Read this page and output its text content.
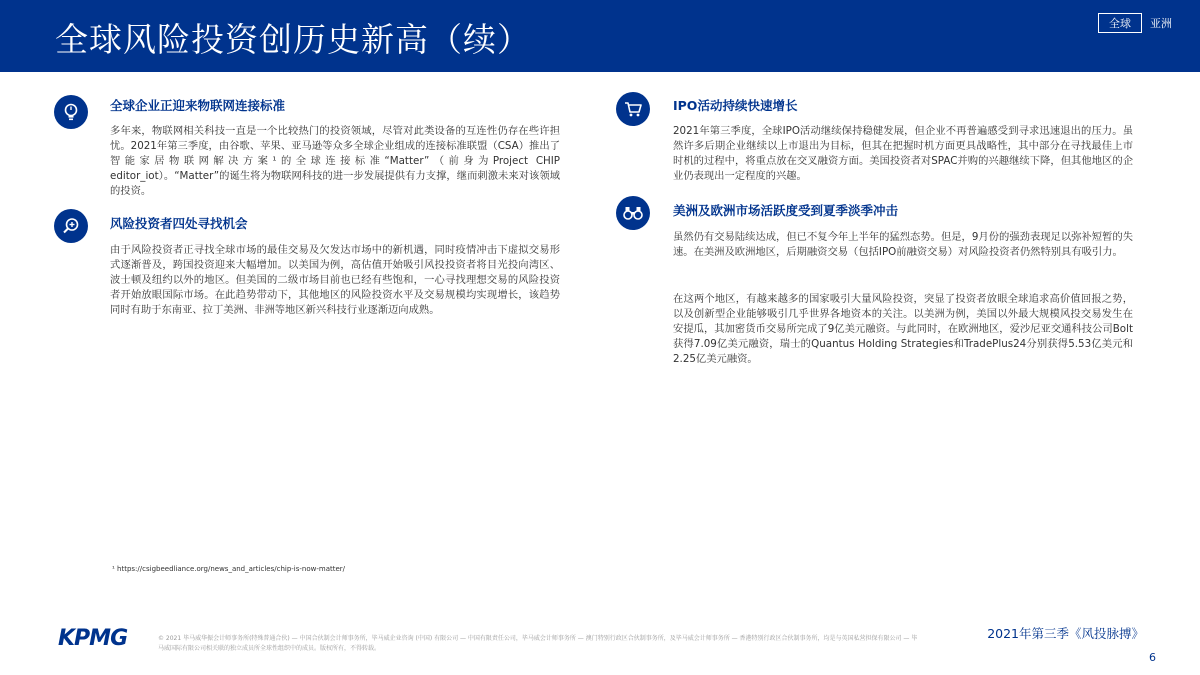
全球风险投资创历史新高（续）	全球	亚洲
全球企业正迎来物联网连接标准
多年来，物联网相关科技一直是一个比较热门的投资领域，尽管对此类设备的互连性仍存在些许担忧。2021年第三季度，由谷歌、苹果、亚马逊等众多全球企业组成的连接标准联盟（CSA）推出了智能家居物联网解决方案¹的全球连接标准“Matter”（前身为Project CHIP editor_iot）。“Matter”的诞生将为物联网科技的进一步发展提供有力支撑，继而刺激未来对该领域的投资。
风险投资者四处寻找机会
由于风险投资者正寻找全球市场的最佳交易及欠发达市场中的新机遇，同时疫情冲击下虚拟交易形式逐渐普及，跨国投资迎来大幅增加。以美国为例，高估值开始吸引风投投资者将目光投向湾区、波士顿及纽约以外的地区。但美国的二级市场目前也已经有些饱和，一心寻找理想交易的风险投资者开始放眼国际市场。在此趋势带动下，其他地区的风险投资水平及交易规模均实现增长，该趋势同时有助于东南亚、拉丁美洲、非洲等地区新兴科技行业逐渐迈向成熟。
IPO活动持续快速增长
2021年第三季度，全球IPO活动继续保持稳健发展，但企业不再普遍感受到寻求迅速退出的压力。虽然许多后期企业继续以上市退出为目标，但其在把握时机方面更具战略性，其中部分在寻找最佳上市时机的过程中，将重点放在交叉融资方面。美国投资者对SPAC并购的兴趣继续下降，但其他地区的企业仍表现出一定程度的兴趣。
美洲及欧洲市场活跃度受到夏季淡季冲击
虽然仍有交易陆续达成，但已不复今年上半年的猛烈态势。但是，9月份的强劲表现足以弥补短暂的失速。在美洲及欧洲地区，后期融资交易（包括IPO前融资交易）对风险投资者仍然特别具有吸引力。
在这两个地区，有越来越多的国家吸引大量风险投资，突显了投资者放眼全球追求高价值回报之势，以及创新型企业能够吸引几乎世界各地资本的关注。以美洲为例，美国以外最大规模风投交易发生在安提瓜，其加密货币交易所完成了9亿美元融资。与此同时，在欧洲地区，爱沙尼亚交通科技公司Bolt获得7.09亿美元融资，瑞士的Quantus Holding Strategies和TradePlus24分别获得5.53亿美元和2.25亿美元融资。
¹ https://csigbeedliance.org/news_and_articles/chip-is-now-matter/
KPMG	© 2021 毕马威华振会计师事务所(特殊普通合伙) — 中国合伙制会计师事务所，毕马威企业咨询 (中国) 有限公司 — 中国有限责任公司，毕马威会计师事务所 — 澳门特别行政区合伙制事务所，及毕马威会计师事务所 — 香港特别行政区合伙制事务所，均是与英国私营担保有限公司 — 毕马威国际有限公司相关联的独立成员所全球性组织中的成员。版权所有，不得转载。
2021年第三季《风投脉搏》
6
